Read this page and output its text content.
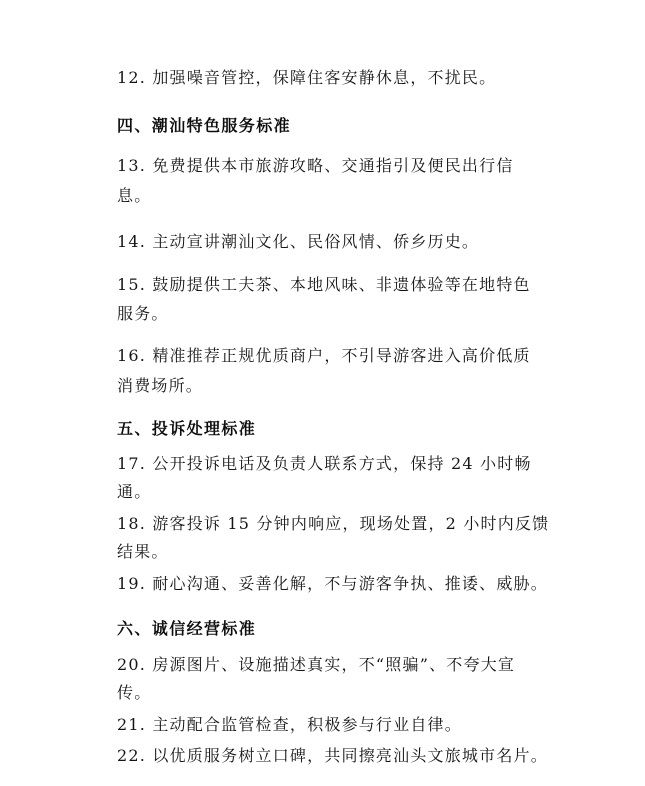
12. 加强噪音管控，保障住客安静休息，不扰民。
四、潮汕特色服务标准
13. 免费提供本市旅游攻略、交通指引及便民出行信
息。
14. 主动宣讲潮汕文化、民俗风情、侨乡历史。
15. 鼓励提供工夫茶、本地风味、非遗体验等在地特色
服务。
16. 精准推荐正规优质商户，不引导游客进入高价低质
消费场所。
五、投诉处理标准
17. 公开投诉电话及负责人联系方式，保持 24 小时畅
通。
18. 游客投诉 15 分钟内响应，现场处置，2 小时内反馈
结果。
19. 耐心沟通、妥善化解，不与游客争执、推诿、威胁。
六、诚信经营标准
20. 房源图片、设施描述真实，不“照骗”、不夸大宣
传。
21. 主动配合监管检查，积极参与行业自律。
22. 以优质服务树立口碑，共同擦亮汕头文旅城市名片。
